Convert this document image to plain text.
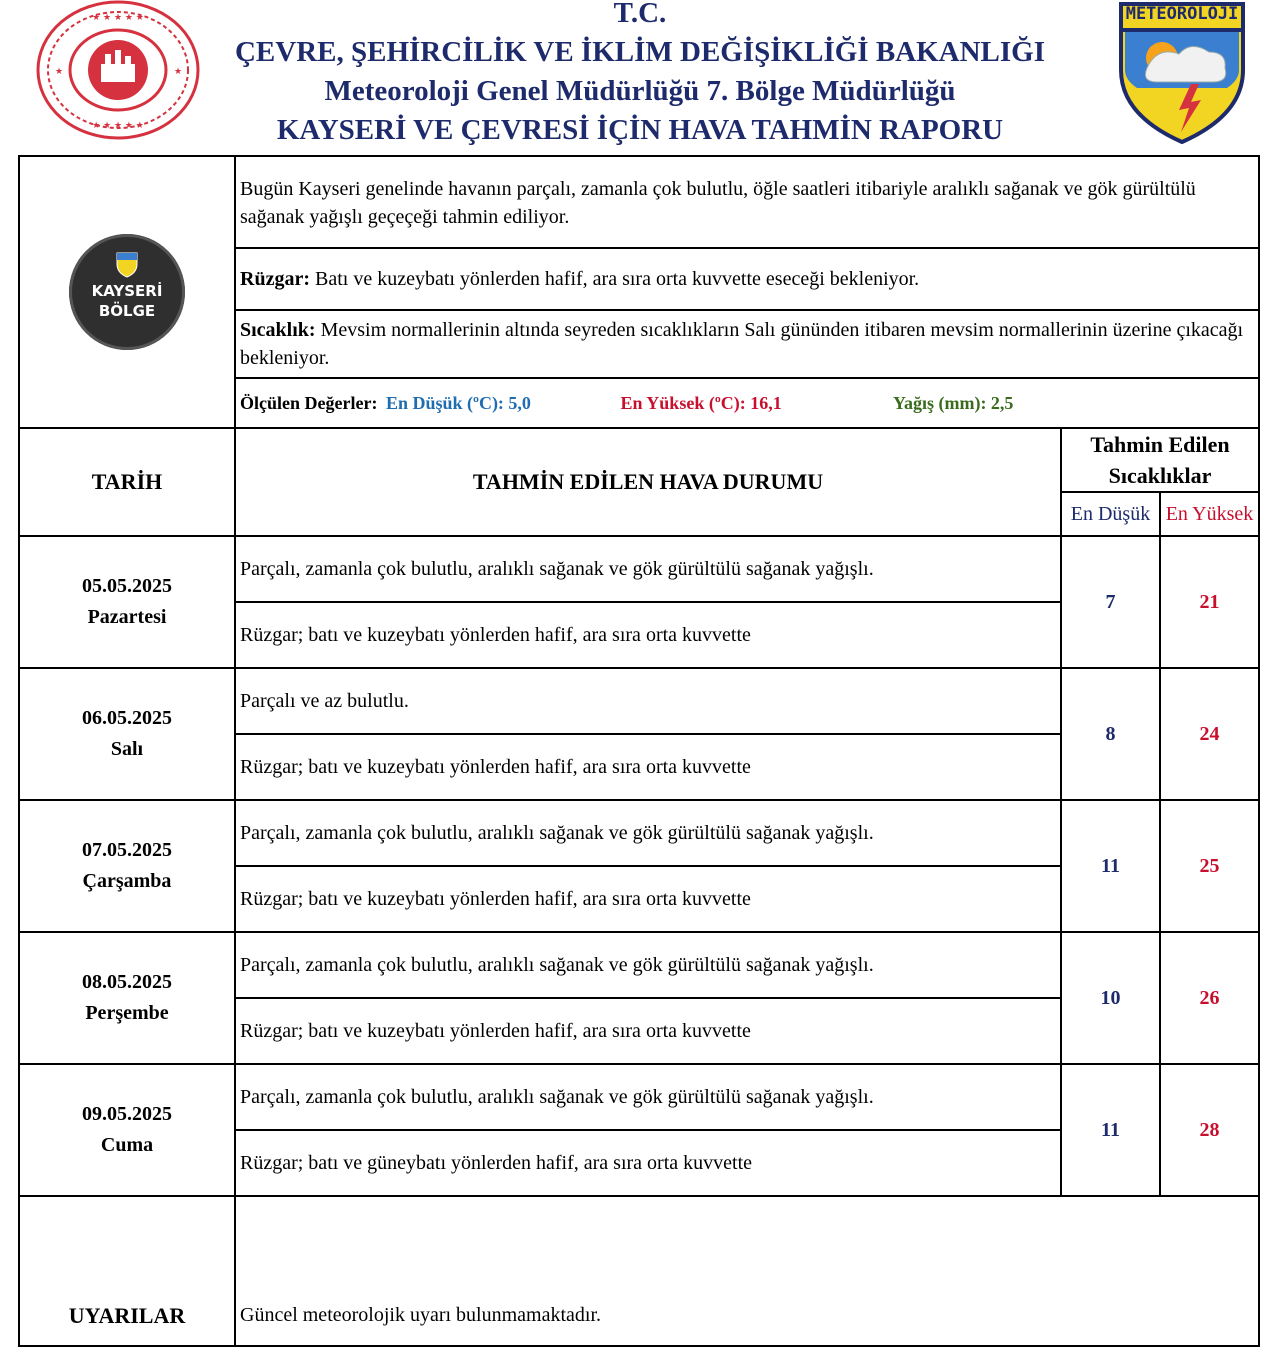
★ ★ ★ ★ ★
★ ★ ★ ★ ★
★	★
T.C.
ÇEVRE, ŞEHİRCİLİK VE İKLİM DEĞİŞİKLİĞİ BAKANLIĞI
Meteoroloji Genel Müdürlüğü 7. Bölge Müdürlüğü
KAYSERİ VE ÇEVRESİ İÇİN HAVA TAHMİN RAPORU
METEOROLOJİ
KAYSERİ
BÖLGE	Bugün Kayseri genelinde havanın parçalı, zamanla çok bulutlu, öğle saatleri itibariyle aralıklı sağanak ve gök gürültülü sağanak yağışlı geçeçeği tahmin ediliyor.		
	Rüzgar: Batı ve kuzeybatı yönlerden hafif, ara sıra orta kuvvette eseceği bekleniyor.		
	Sıcaklık: Mevsim normallerinin altında seyreden sıcaklıkların Salı gününden itibaren mevsim normallerinin üzerine çıkacağı bekleniyor.		
	Ölçülen Değerler: En Düşük (ºC): 5,0 En Yüksek (ºC): 16,1 Yağış (mm): 2,5		
TARİH	TAHMİN EDİLEN HAVA DURUMU	Tahmin Edilen Sıcaklıklar	
		En Düşük	En Yüksek

05.05.2025
Pazartesi	Parçalı, zamanla çok bulutlu, aralıklı sağanak ve gök gürültülü sağanak yağışlı.	7	21
	Rüzgar; batı ve kuzeybatı yönlerden hafif, ara sıra orta kuvvette		

06.05.2025
Salı	Parçalı ve az bulutlu.	8	24
	Rüzgar; batı ve kuzeybatı yönlerden hafif, ara sıra orta kuvvette		

07.05.2025
Çarşamba	Parçalı, zamanla çok bulutlu, aralıklı sağanak ve gök gürültülü sağanak yağışlı.	11	25
	Rüzgar; batı ve kuzeybatı yönlerden hafif, ara sıra orta kuvvette		

08.05.2025
Perşembe	Parçalı, zamanla çok bulutlu, aralıklı sağanak ve gök gürültülü sağanak yağışlı.	10	26
	Rüzgar; batı ve kuzeybatı yönlerden hafif, ara sıra orta kuvvette		

09.05.2025
Cuma	Parçalı, zamanla çok bulutlu, aralıklı sağanak ve gök gürültülü sağanak yağışlı.	11	28
	Rüzgar; batı ve güneybatı yönlerden hafif, ara sıra orta kuvvette		
UYARILAR	Güncel meteorolojik uyarı bulunmamaktadır.		
